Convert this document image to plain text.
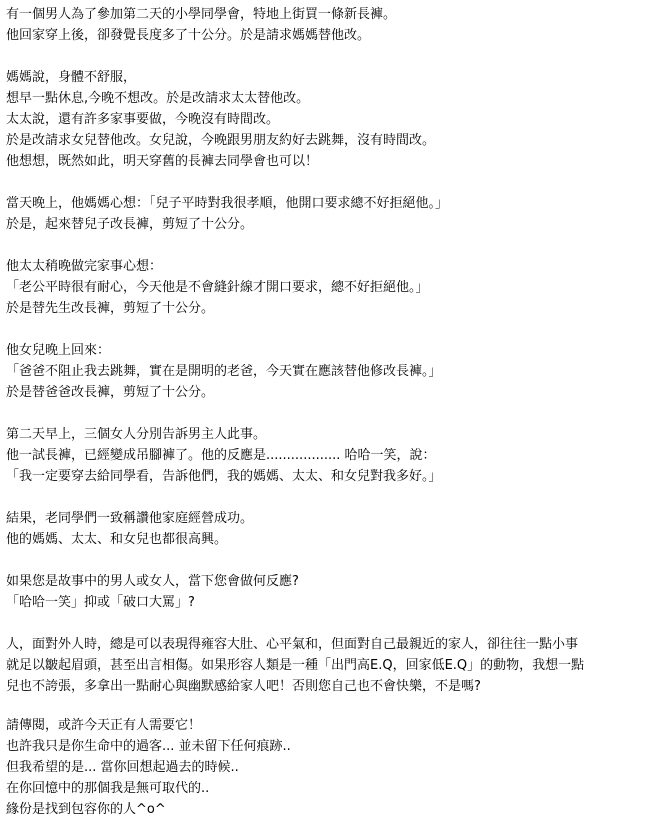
有一個男人為了參加第二天的小學同學會，特地上街買一條新長褲。
他回家穿上後，卻發覺長度多了十公分。於是請求媽媽替他改。
媽媽說，身體不舒服，
想早一點休息,今晚不想改。於是改請求太太替他改。
太太說，還有許多家事要做，今晚沒有時間改。
於是改請求女兒替他改。女兒說，今晚跟男朋友約好去跳舞，沒有時間改。
他想想，既然如此，明天穿舊的長褲去同學會也可以！
當天晚上，他媽媽心想：「兒子平時對我很孝順，他開口要求總不好拒絕他。」
於是，起來替兒子改長褲，剪短了十公分。
他太太稍晚做完家事心想：
「老公平時很有耐心，今天他是不會縫針線才開口要求，總不好拒絕他。」
於是替先生改長褲，剪短了十公分。
他女兒晚上回來：
「爸爸不阻止我去跳舞，實在是開明的老爸，今天實在應該替他修改長褲。」
於是替爸爸改長褲，剪短了十公分。
第二天早上，三個女人分別告訴男主人此事。
他一試長褲，已經變成吊腳褲了。他的反應是.................. 哈哈一笑，說：
「我一定要穿去給同學看，告訴他們，我的媽媽、太太、和女兒對我多好。」
結果，老同學們一致稱讚他家庭經營成功。
他的媽媽、太太、和女兒也都很高興。
如果您是故事中的男人或女人，當下您會做何反應?
「哈哈一笑」抑或「破口大罵」?
人，面對外人時，總是可以表現得雍容大肚、心平氣和，但面對自己最親近的家人，卻往往一點小事
就足以皺起眉頭，甚至出言相傷。如果形容人類是一種「出門高E.Q，回家低E.Q」的動物，我想一點
兒也不誇張，多拿出一點耐心與幽默感給家人吧！否則您自己也不會快樂，不是嗎?
請傳閱，或許今天正有人需要它！
也許我只是你生命中的過客... 並未留下任何痕跡..
但我希望的是... 當你回想起過去的時候..
在你回憶中的那個我是無可取代的..
緣份是找到包容你的人^o^
